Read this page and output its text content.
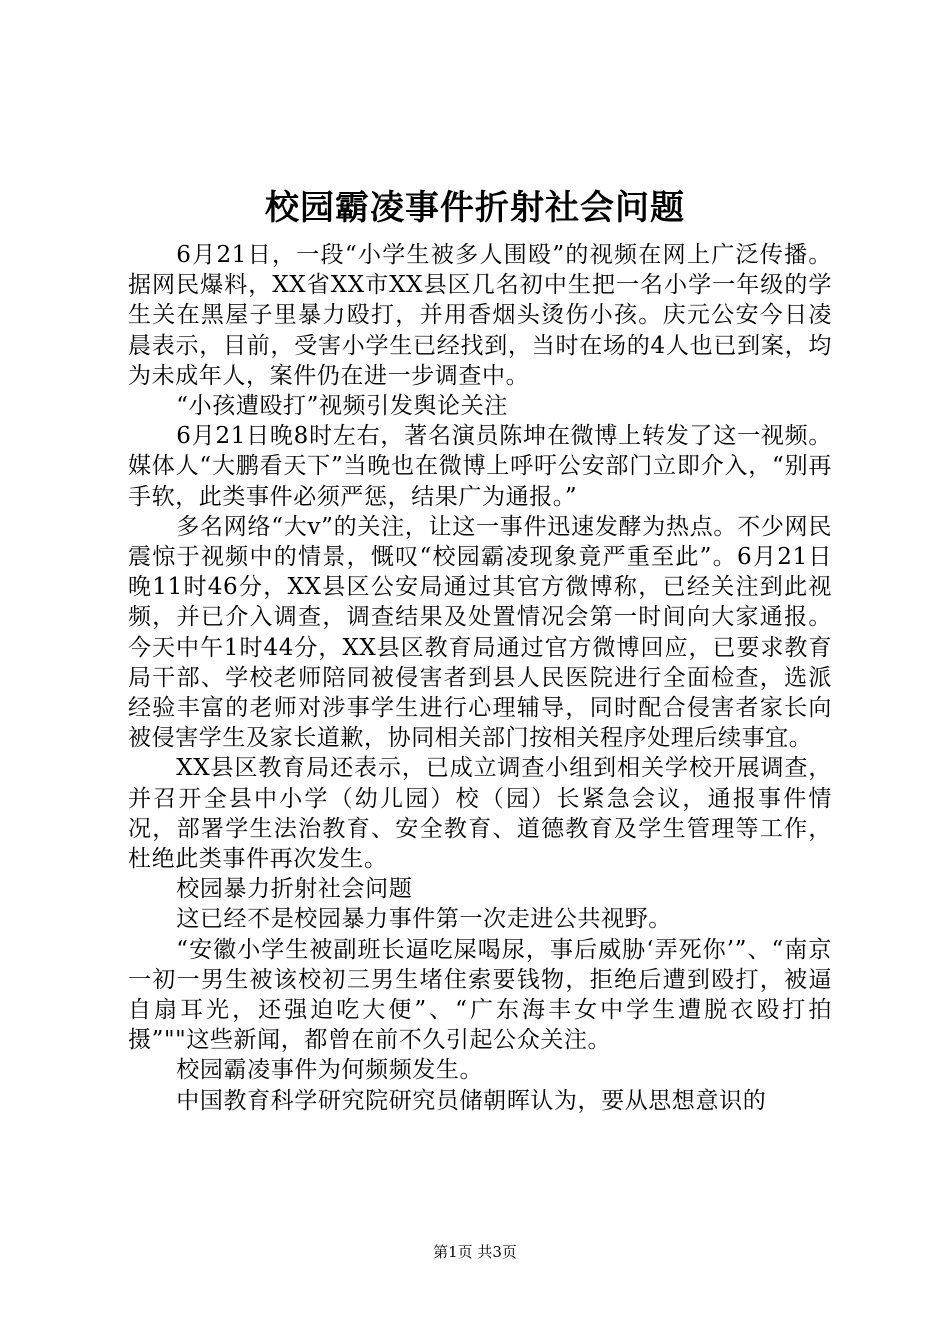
校园霸凌事件折射社会问题

6月21日，一段“小学生被多人围殴”的视频在网上广泛传播。据网民爆料，XX省XX市XX县区几名初中生把一名小学一年级的学生关在黑屋子里暴力殴打，并用香烟头烫伤小孩。庆元公安今日凌晨表示，目前，受害小学生已经找到，当时在场的4人也已到案，均为未成年人，案件仍在进一步调查中。

“小孩遭殴打”视频引发舆论关注

6月21日晚8时左右，著名演员陈坤在微博上转发了这一视频。媒体人“大鹏看天下”当晚也在微博上呼吁公安部门立即介入，“别再手软，此类事件必须严惩，结果广为通报。”

多名网络“大v”的关注，让这一事件迅速发酵为热点。不少网民震惊于视频中的情景，慨叹“校园霸凌现象竟严重至此”。6月21日晚11时46分，XX县区公安局通过其官方微博称，已经关注到此视频，并已介入调查，调查结果及处置情况会第一时间向大家通报。今天中午1时44分，XX县区教育局通过官方微博回应，已要求教育局干部、学校老师陪同被侵害者到县人民医院进行全面检查，选派经验丰富的老师对涉事学生进行心理辅导，同时配合侵害者家长向被侵害学生及家长道歉，协同相关部门按相关程序处理后续事宜。

XX县区教育局还表示，已成立调查小组到相关学校开展调查，并召开全县中小学（幼儿园）校（园）长紧急会议，通报事件情况，部署学生法治教育、安全教育、道德教育及学生管理等工作，杜绝此类事件再次发生。

校园暴力折射社会问题

这已经不是校园暴力事件第一次走进公共视野。

“安徽小学生被副班长逼吃屎喝尿，事后威胁‘弄死你’”、“南京一初一男生被该校初三男生堵住索要钱物，拒绝后遭到殴打，被逼自扇耳光，还强迫吃大便”、“广东海丰女中学生遭脱衣殴打拍摄”""这些新闻，都曾在前不久引起公众关注。

校园霸凌事件为何频频发生。

中国教育科学研究院研究员储朝晖认为，要从思想意识的

第1页 共3页
